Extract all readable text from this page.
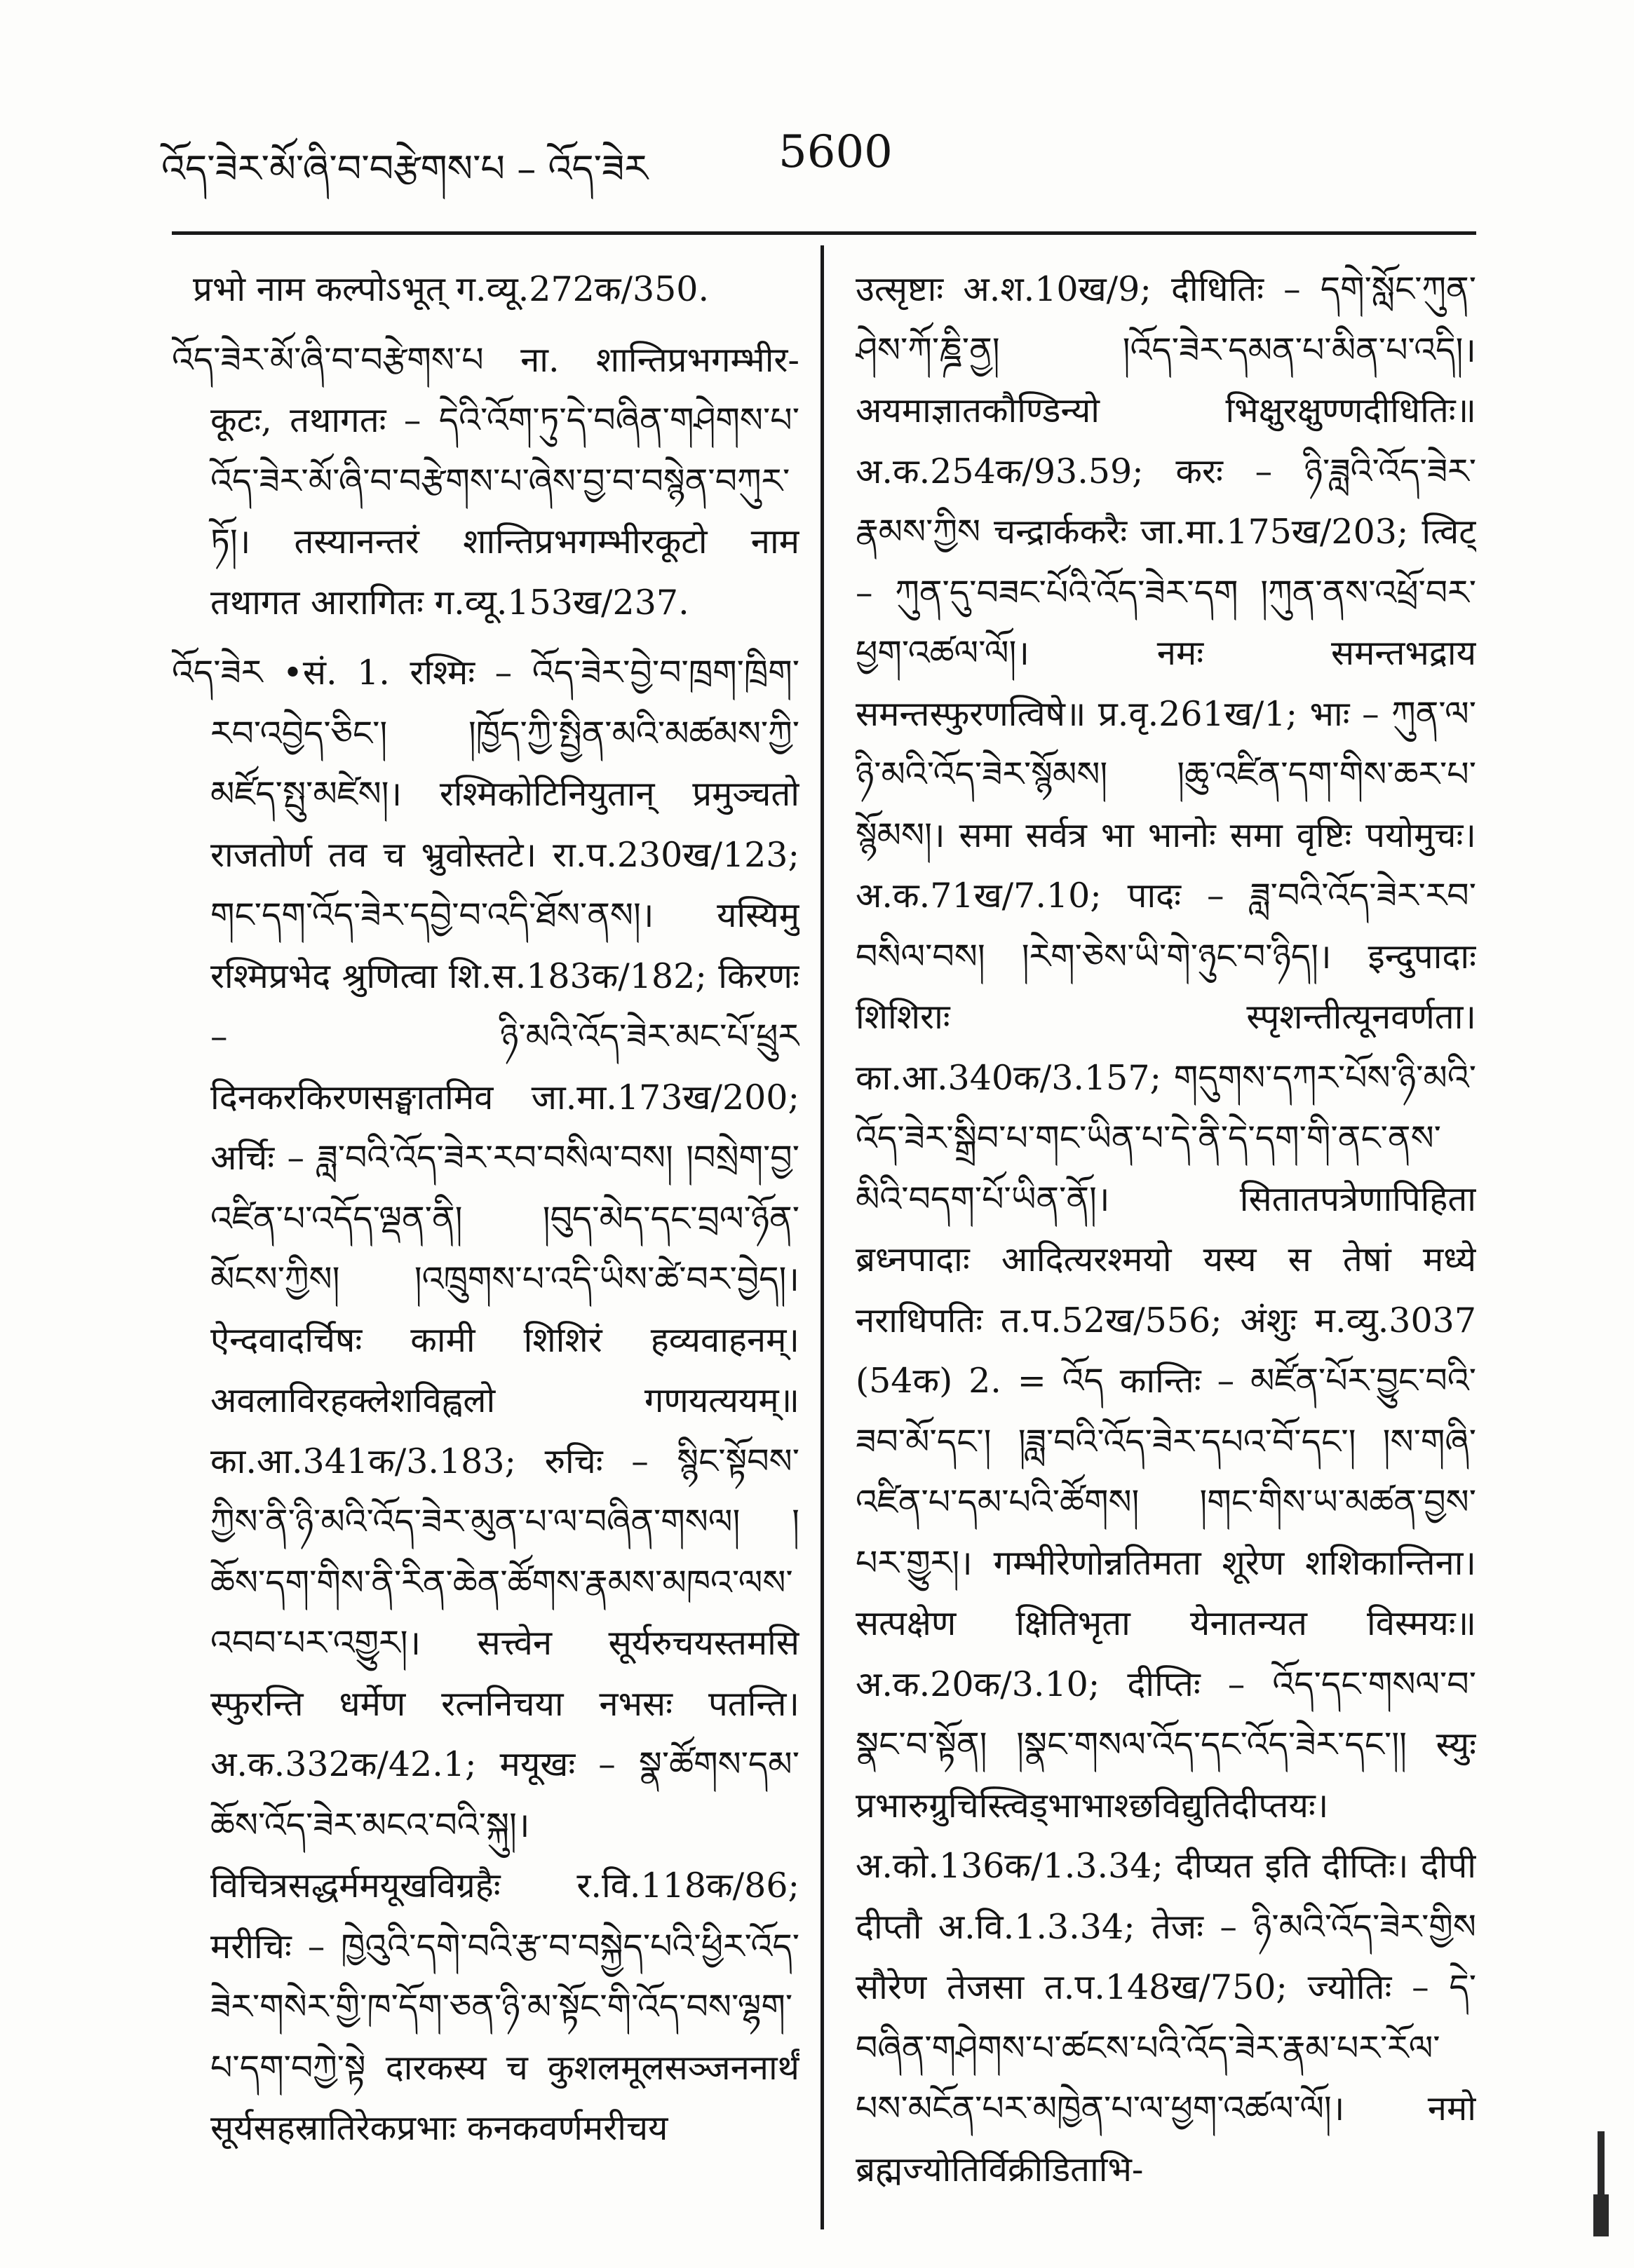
འོད་ཟེར་མོ་ཞི་བ་བརྩེགས་པ – འོད་ཟེར	5600

प्रभो नाम कल्पोऽभूत् ग.व्यू.272क/350.

འོད་ཟེར་མོ་ཞི་བ་བརྩེགས་པ ना. शान्तिप्रभगम्भीर-कूटः, तथागतः – དེའི་འོག་ཏུ་དེ་བཞིན་གཤེགས་པ་འོད་ཟེར་མོ་ཞི་བ་བརྩེགས་པ་ཞེས་བྱ་བ་བསྙེན་བཀུར་ཏོ།। तस्यानन्तरं शान्तिप्रभगम्भीरकूटो नाम तथागत आरागितः ग.व्यू.153ख/237.

འོད་ཟེར •सं. 1. रश्मिः – འོད་ཟེར་བྱེ་བ་ཁྲག་ཁྲིག་རབ་འབྱེད་ཅིང་། །ཁྱོད་ཀྱི་སྤྱིན་མའི་མཚམས་ཀྱི་མཛོད་སྤུ་མཛེས།। रश्मिकोटिनियुतान् प्रमुञ्चतो राजतोर्ण तव च भ्रुवोस्तटे। रा.प.230ख/123; གང་དག་འོད་ཟེར་དབྱེ་བ་འདི་ཐོས་ནས།। यस्यिमु रश्मिप्रभेद श्रुणित्वा शि.स.183क/182; किरणः – ཉི་མའི་འོད་ཟེར་མང་པོ་ཕྲུར दिनकरकिरणसङ्घातमिव जा.मा.173ख/200; अर्चिः – ཟླ་བའི་འོད་ཟེར་རབ་བསིལ་བས། །བསྲེག་བྱ་འཛིན་པ་འདོད་ལྡན་ནི། །བུད་མེད་དང་བྲལ་ཉོན་མོངས་ཀྱིས། །འཁྲུགས་པ་འདི་ཡིས་ཚེ་བར་བྱེད།। ऐन्दवादर्चिषः कामी शिशिरं हव्यवाहनम्। अवलाविरहक्लेशविह्वलो गणयत्ययम्॥ का.आ.341क/3.183; रुचिः – སྙིང་སྟོབས་ཀྱིས་ནི་ཉི་མའི་འོད་ཟེར་མུན་པ་ལ་བཞིན་གསལ། །ཆོས་དག་གིས་ནི་རིན་ཆེན་ཚོགས་རྣམས་མཁའ་ལས་འབབ་པར་འགྱུར།। सत्त्वेन सूर्यरुचयस्तमसि स्फुरन्ति धर्मेण रत्ननिचया नभसः पतन्ति। अ.क.332क/42.1; मयूखः – སྣ་ཚོགས་དམ་ཆོས་འོད་ཟེར་མངའ་བའི་སྐུ།। विचित्रसद्धर्ममयूखविग्रहैः र.वि.118क/86; मरीचिः – ཁྱེའུའི་དགེ་བའི་རྩ་བ་བསྐྱེད་པའི་ཕྱིར་འོད་ཟེར་གསེར་གྱི་ཁ་དོག་ཅན་ཉི་མ་སྟོང་གི་འོད་བས་ལྷག་པ་དག་བཀྱེ་སྟེ दारकस्य च कुशलमूलसञ्जननार्थं सूर्यसहस्रातिरेकप्रभाः कनकवर्णमरीचय

उत्सृष्टाः अ.श.10ख/9; दीधितिः – དགེ་སློང་ཀུན་ཤེས་ཀོ་ཎྜི་ནྱ། །འོད་ཟེར་དམན་པ་མིན་པ་འདི།। अयमाज्ञातकौण्डिन्यो भिक्षुरक्षुण्णदीधितिः॥ अ.क.254क/93.59; करः – ཉི་ཟླའི་འོད་ཟེར་རྣམས་ཀྱིས चन्द्रार्ककरैः जा.मा.175ख/203; त्विट् – ཀུན་དུ་བཟང་པོའི་འོད་ཟེར་དག །ཀུན་ནས་འཕྲོ་བར་ཕྱག་འཚལ་ལོ།। नमः समन्तभद्राय समन्तस्फुरणत्विषे॥ प्र.वृ.261ख/1; भाः – ཀུན་ལ་ཉི་མའི་འོད་ཟེར་སྙོམས། །ཆུ་འཛིན་དག་གིས་ཆར་པ་སྙོམས།। समा सर्वत्र भा भानोः समा वृष्टिः पयोमुचः। अ.क.71ख/7.10; पादः – ཟླ་བའི་འོད་ཟེར་རབ་བསིལ་བས། །རེག་ཅེས་ཡི་གེ་ཉུང་བ་ཉིད།। इन्दुपादाः शिशिराः स्पृशन्तीत्यूनवर्णता। का.आ.340क/3.157; གདུགས་དཀར་པོས་ཉི་མའི་འོད་ཟེར་སྒྲིབ་པ་གང་ཡིན་པ་དེ་ནི་དེ་དག་གི་ནང་ནས་མིའི་བདག་པོ་ཡིན་ནོ།। सितातपत्रेणापिहिता ब्रध्नपादाः आदित्यरश्मयो यस्य स तेषां मध्ये नराधिपतिः त.प.52ख/556; अंशुः म.व्यु.3037 (54क) 2. = འོད कान्तिः – མཛོན་པོར་བྱུང་བའི་ཟབ་མོ་དང་། །ཟླ་བའི་འོད་ཟེར་དཔའ་བོ་དང་། །ས་གཞི་འཛིན་པ་དམ་པའི་ཚོགས། །གང་གིས་ཡ་མཚན་བྱས་པར་གྱུར།। गम्भीरेणोन्नतिमता शूरेण शशिकान्तिना। सत्पक्षेण क्षितिभृता येनातन्यत विस्मयः॥ अ.क.20क/3.10; दीप्तिः – འོད་དང་གསལ་བ་སྣང་བ་སྟོན། །སྣང་གསལ་འོད་དང་འོད་ཟེར་དང་།། स्युः प्रभारुग्रुचिस्त्विड्भाभाश्छविद्युतिदीप्तयः। अ.को.136क/1.3.34; दीप्यत इति दीप्तिः। दीपी दीप्तौ अ.वि.1.3.34; तेजः – ཉི་མའི་འོད་ཟེར་གྱིས सौरेण तेजसा त.प.148ख/750; ज्योतिः – དེ་བཞིན་གཤེགས་པ་ཚངས་པའི་འོད་ཟེར་རྣམ་པར་རོལ་པས་མངོན་པར་མཁྱེན་པ་ལ་ཕྱག་འཚལ་ལོ།। नमो ब्रह्मज्योतिर्विक्रीडिताभि-
